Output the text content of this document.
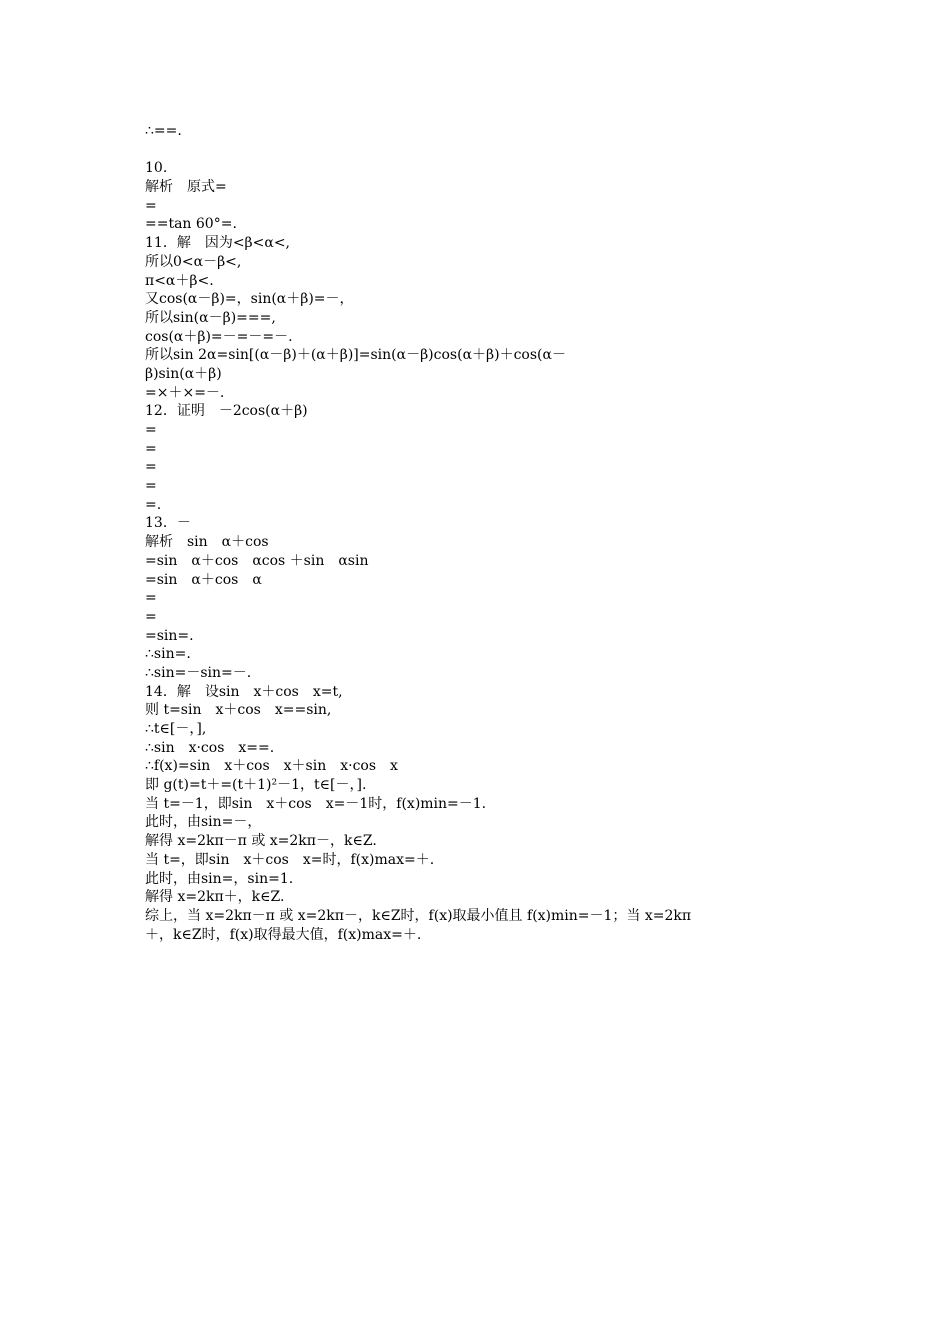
∴==.
10.
解析　原式=
=
==tan 60°=.
11．解　因为<β<α<,
所以0<α－β<,
π<α＋β<.
又cos(α－β)=，sin(α＋β)=－，
所以sin(α－β)===,
cos(α＋β)=－=－=－.
所以sin 2α=sin[(α－β)＋(α＋β)]=sin(α－β)cos(α＋β)＋cos(α－
β)sin(α＋β)
=×＋×=－.
12．证明　－2cos(α＋β)
=
=
=
=
=.
13．－
解析　sin　α＋cos
=sin　α＋cos　αcos ＋sin　αsin
=sin　α＋cos　α
=
=
=sin=.
∴sin=.
∴sin=－sin=－.
14．解　设sin　x＋cos　x=t,
则 t=sin　x＋cos　x==sin,
∴t∈[－，],
∴sin　x·cos　x==.
∴f(x)=sin　x＋cos　x＋sin　x·cos　x
即 g(t)=t＋=(t＋1)²－1，t∈[－，].
当 t=－1，即sin　x＋cos　x=－1时，f(x)min=－1.
此时，由sin=－，
解得 x=2kπ－π 或 x=2kπ－，k∈Z.
当 t=，即sin　x＋cos　x=时，f(x)max=＋.
此时，由sin=，sin=1.
解得 x=2kπ＋，k∈Z.
综上，当 x=2kπ－π 或 x=2kπ－，k∈Z时，f(x)取最小值且 f(x)min=－1；当 x=2kπ
＋，k∈Z时，f(x)取得最大值，f(x)max=＋.
